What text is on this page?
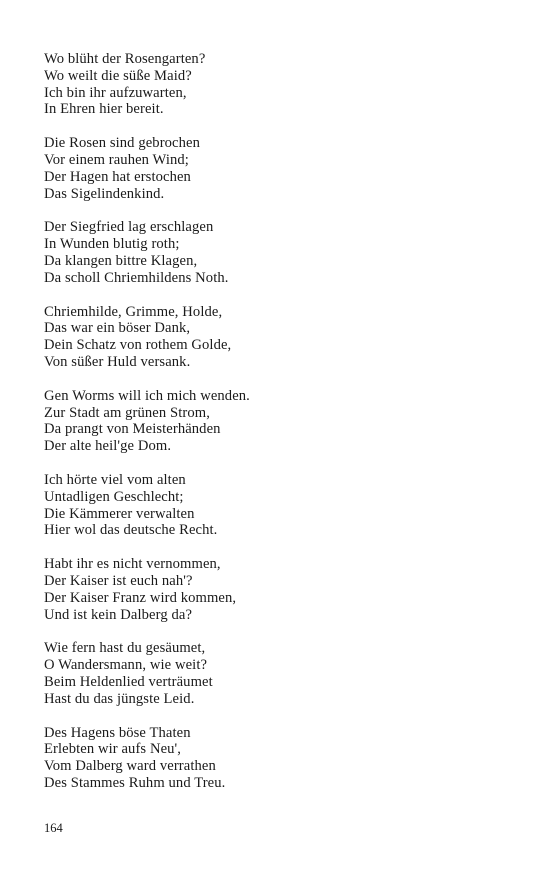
Wo blüht der Rosengarten?
Wo weilt die süße Maid?
Ich bin ihr aufzuwarten,
In Ehren hier bereit.
Die Rosen sind gebrochen
Vor einem rauhen Wind;
Der Hagen hat erstochen
Das Sigelindenkind.
Der Siegfried lag erschlagen
In Wunden blutig roth;
Da klangen bittre Klagen,
Da scholl Chriemhildens Noth.
Chriemhilde, Grimme, Holde,
Das war ein böser Dank,
Dein Schatz von rothem Golde,
Von süßer Huld versank.
Gen Worms will ich mich wenden.
Zur Stadt am grünen Strom,
Da prangt von Meisterhänden
Der alte heil'ge Dom.
Ich hörte viel vom alten
Untadligen Geschlecht;
Die Kämmerer verwalten
Hier wol das deutsche Recht.
Habt ihr es nicht vernommen,
Der Kaiser ist euch nah'?
Der Kaiser Franz wird kommen,
Und ist kein Dalberg da?
Wie fern hast du gesäumet,
O Wandersmann, wie weit?
Beim Heldenlied verträumet
Hast du das jüngste Leid.
Des Hagens böse Thaten
Erlebten wir aufs Neu',
Vom Dalberg ward verrathen
Des Stammes Ruhm und Treu.
164
